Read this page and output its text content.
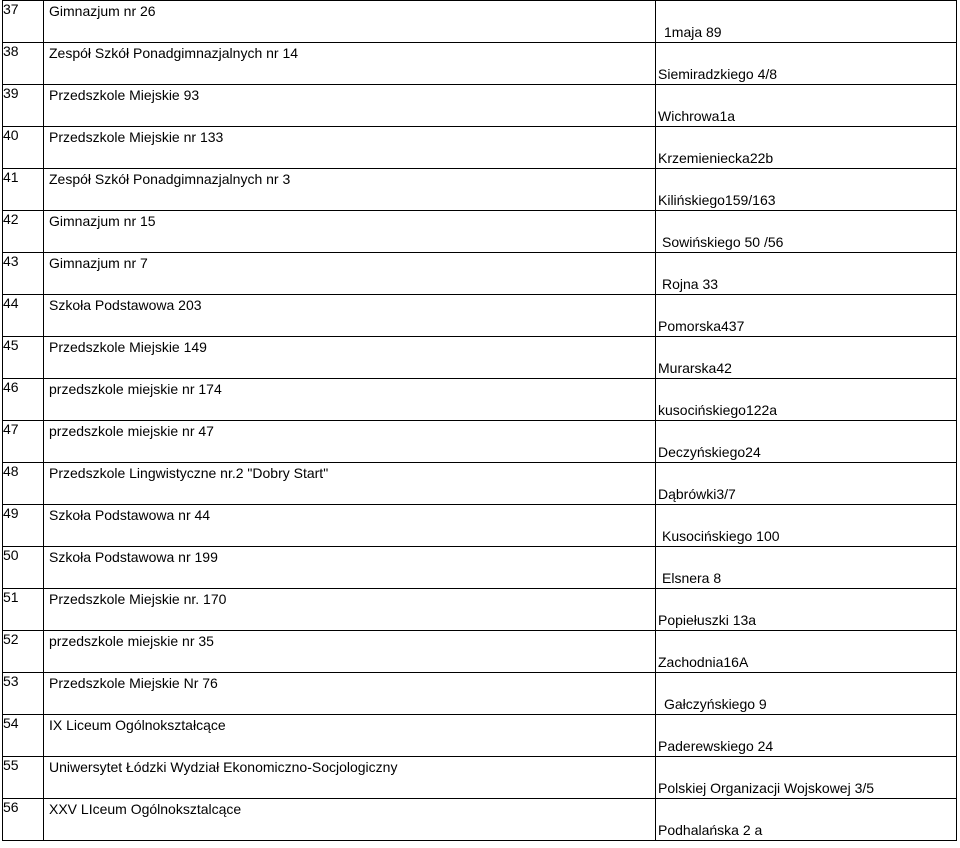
37	Gimnazjum nr 26	1maja 89

38	Zespół Szkół Ponadgimnazjalnych nr 14	Siemiradzkiego 4/8

39	Przedszkole Miejskie 93	Wichrowa1a

40	Przedszkole Miejskie nr 133	Krzemieniecka22b

41	Zespół Szkół Ponadgimnazjalnych nr 3	Kilińskiego159/163

42	Gimnazjum nr 15	Sowińskiego 50 /56

43	Gimnazjum nr 7	Rojna 33

44	Szkoła Podstawowa 203	Pomorska437

45	Przedszkole Miejskie 149	Murarska42

46	przedszkole miejskie nr 174	kusocińskiego122a

47	przedszkole miejskie nr 47	Deczyńskiego24

48	Przedszkole Lingwistyczne nr.2 "Dobry Start"	Dąbrówki3/7

49	Szkoła Podstawowa nr 44	Kusocińskiego 100

50	Szkoła Podstawowa nr 199	Elsnera 8

51	Przedszkole Miejskie nr. 170	Popiełuszki 13a

52	przedszkole miejskie nr 35	Zachodnia16A

53	Przedszkole Miejskie Nr 76	Gałczyńskiego 9

54	IX Liceum Ogólnokształcące	Paderewskiego 24

55	Uniwersytet Łódzki Wydział Ekonomiczno-Socjologiczny	Polskiej Organizacji Wojskowej 3/5

56	XXV LIceum Ogólnoksztalcące	Podhalańska 2 a
